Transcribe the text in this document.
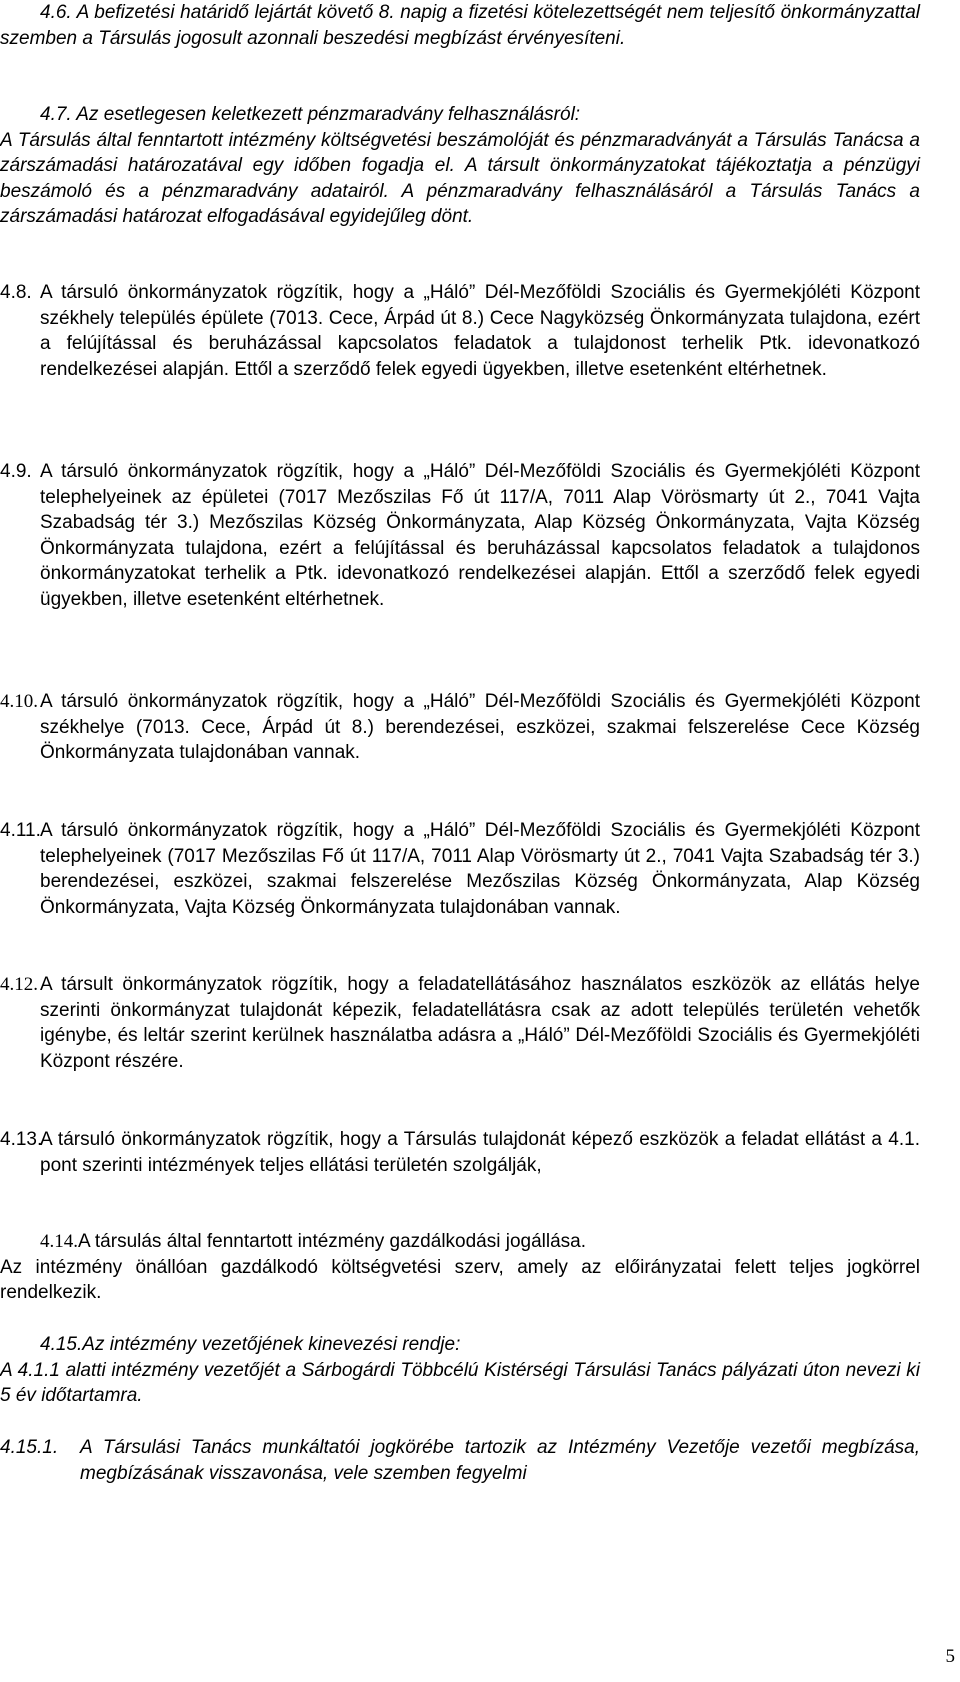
4.6. A befizetési határidő lejártát követő 8. napig a fizetési kötelezettségét nem teljesítő önkormányzattal szemben a Társulás jogosult azonnali beszedési megbízást érvényesíteni.
4.7. Az esetlegesen keletkezett pénzmaradvány felhasználásról:
A Társulás által fenntartott intézmény költségvetési beszámolóját és pénzmaradványát a Társulás Tanácsa a zárszámadási határozatával egy időben fogadja el. A társult önkormányzatokat tájékoztatja a pénzügyi beszámoló és a pénzmaradvány adatairól. A pénzmaradvány felhasználásáról a Társulás Tanács a zárszámadási határozat elfogadásával egyidejűleg dönt.
4.8. A társuló önkormányzatok rögzítik, hogy a „Háló” Dél-Mezőföldi Szociális és Gyermekjóléti Központ székhely település épülete (7013. Cece, Árpád út 8.) Cece Nagyközség Önkormányzata tulajdona, ezért a felújítással és beruházással kapcsolatos feladatok a tulajdonost terhelik Ptk. idevonatkozó rendelkezései alapján. Ettől a szerződő felek egyedi ügyekben, illetve esetenként eltérhetnek.
4.9. A társuló önkormányzatok rögzítik, hogy a „Háló” Dél-Mezőföldi Szociális és Gyermekjóléti Központ telephelyeinek az épületei (7017 Mezőszilas Fő út 117/A, 7011 Alap Vörösmarty út 2., 7041 Vajta Szabadság tér 3.) Mezőszilas Község Önkormányzata, Alap Község Önkormányzata, Vajta Község Önkormányzata tulajdona, ezért a felújítással és beruházással kapcsolatos feladatok a tulajdonos önkormányzatokat terhelik a Ptk. idevonatkozó rendelkezései alapján. Ettől a szerződő felek egyedi ügyekben, illetve esetenként eltérhetnek.
4.10. A társuló önkormányzatok rögzítik, hogy a „Háló” Dél-Mezőföldi Szociális és Gyermekjóléti Központ székhelye (7013. Cece, Árpád út 8.) berendezései, eszközei, szakmai felszerelése Cece Község Önkormányzata tulajdonában vannak.
4.11. A társuló önkormányzatok rögzítik, hogy a „Háló” Dél-Mezőföldi Szociális és Gyermekjóléti Központ telephelyeinek (7017 Mezőszilas Fő út 117/A, 7011 Alap Vörösmarty út 2., 7041 Vajta Szabadság tér 3.) berendezései, eszközei, szakmai felszerelése Mezőszilas Község Önkormányzata, Alap Község Önkormányzata, Vajta Község Önkormányzata tulajdonában vannak.
4.12. A társult önkormányzatok rögzítik, hogy a feladatellátásához használatos eszközök az ellátás helye szerinti önkormányzat tulajdonát képezik, feladatellátásra csak az adott település területén vehetők igénybe, és leltár szerint kerülnek használatba adásra a „Háló” Dél-Mezőföldi Szociális és Gyermekjóléti Központ részére.
4.13.
A társuló önkormányzatok rögzítik, hogy a Társulás tulajdonát képező eszközök a feladat ellátást a 4.1. pont szerinti intézmények teljes ellátási területén szolgálják,
4.14.A társulás által fenntartott intézmény gazdálkodási jogállása.
Az intézmény önállóan gazdálkodó költségvetési szerv, amely az előirányzatai felett teljes jogkörrel rendelkezik.
4.15.Az intézmény vezetőjének kinevezési rendje:
A 4.1.1 alatti intézmény vezetőjét a Sárbogárdi Többcélú Kistérségi Társulási Tanács pályázati úton nevezi ki 5 év időtartamra.
4.15.1.	A Társulási Tanács munkáltatói jogkörébe tartozik az Intézmény Vezetője vezetői megbízása, megbízásának visszavonása, vele szemben fegyelmi
5
